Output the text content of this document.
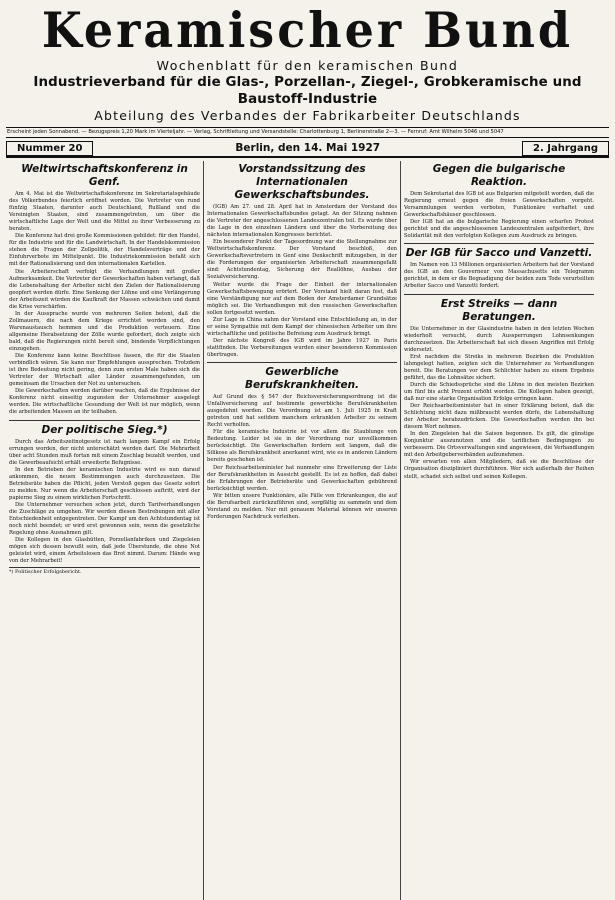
Keramischer Bund
Wochenblatt für den keramischen Bund
Industrieverband für die Glas-, Porzellan-, Ziegel-, Grobkeramische und Baustoff-Industrie
Abteilung des Verbandes der Fabrikarbeiter Deutschlands
Erscheint jeden Sonnabend. — Bezugspreis 1,20 Mark im Vierteljahr. — Verlag, Schriftleitung und Versandstelle: Charlottenburg 1, Berlinerstraße 2—3. — Fernruf: Amt Wilhelm 5046 und 5047
Nummer 20	Berlin, den 14. Mai 1927	2. Jahrgang
Weltwirtschaftskonferenz in Genf.

Am 4. Mai ist die Weltwirtschaftskonferenz im Sekretariatsgebäude des Völkerbundes feierlich eröffnet worden. Die Vertreter von rund fünfzig Staaten, darunter auch Deutschland, Rußland und die Vereinigten Staaten, sind zusammengetreten, um über die wirtschaftliche Lage der Welt und die Mittel zu ihrer Verbesserung zu beraten.

Die Konferenz hat drei große Kommissionen gebildet: für den Handel, für die Industrie und für die Landwirtschaft. In der Handelskommission stehen die Fragen der Zollpolitik, der Handelsverträge und der Einfuhrverbote im Mittelpunkt. Die Industriekommission befaßt sich mit der Rationalisierung und den internationalen Kartellen.

Die Arbeiterschaft verfolgt die Verhandlungen mit großer Aufmerksamkeit. Die Vertreter der Gewerkschaften haben verlangt, daß die Lebenshaltung der Arbeiter nicht den Zielen der Rationalisierung geopfert werden dürfe. Eine Senkung der Löhne und eine Verlängerung der Arbeitszeit würden die Kaufkraft der Massen schwächen und damit die Krise verschärfen.

In der Aussprache wurde von mehreren Seiten betont, daß die Zollmauern, die nach dem Kriege errichtet worden sind, den Warenaustausch hemmen und die Produktion verteuern. Eine allgemeine Herabsetzung der Zölle wurde gefordert, doch zeigte sich bald, daß die Regierungen nicht bereit sind, bindende Verpflichtungen einzugehen.

Die Konferenz kann keine Beschlüsse fassen, die für die Staaten verbindlich wären. Sie kann nur Empfehlungen aussprechen. Trotzdem ist ihre Bedeutung nicht gering, denn zum ersten Male haben sich die Vertreter der Wirtschaft aller Länder zusammengefunden, um gemeinsam die Ursachen der Not zu untersuchen.

Die Gewerkschaften werden darüber wachen, daß die Ergebnisse der Konferenz nicht einseitig zugunsten der Unternehmer ausgelegt werden. Die wirtschaftliche Gesundung der Welt ist nur möglich, wenn die arbeitenden Massen an ihr teilhaben.

Der politische Sieg.*)

Durch das Arbeitszeitnotgesetz ist nach langem Kampf ein Erfolg errungen worden, der nicht unterschätzt werden darf. Die Mehrarbeit über acht Stunden muß fortan mit einem Zuschlag bezahlt werden, und die Gewerbeaufsicht erhält erweiterte Befugnisse.

In den Betrieben der keramischen Industrie wird es nun darauf ankommen, die neuen Bestimmungen auch durchzusetzen. Die Betriebsräte haben die Pflicht, jeden Verstoß gegen das Gesetz sofort zu melden. Nur wenn die Arbeiterschaft geschlossen auftritt, wird der papierne Sieg zu einem wirklichen Fortschritt.

Die Unternehmer versuchen schon jetzt, durch Tarifverhandlungen die Zuschläge zu umgehen. Wir werden diesen Bestrebungen mit aller Entschiedenheit entgegentreten. Der Kampf um den Achtstundentag ist noch nicht beendet; er wird erst gewonnen sein, wenn die gesetzliche Regelung ohne Ausnahmen gilt.

Die Kollegen in den Glashütten, Porzellanfabriken und Ziegeleien mögen sich dessen bewußt sein, daß jede Überstunde, die ohne Not geleistet wird, einem Arbeitslosen das Brot nimmt. Darum: Hände weg von der Mehrarbeit!

*) Politischer Erfolgsbericht.
Vorstandssitzung des Internationalen Gewerkschaftsbundes.

(IGB) Am 27. und 28. April hat in Amsterdam der Vorstand des Internationalen Gewerkschaftsbundes getagt. An der Sitzung nahmen die Vertreter der angeschlossenen Landeszentralen teil. Es wurde über die Lage in den einzelnen Ländern und über die Vorbereitung des nächsten internationalen Kongresses berichtet.

Ein besonderer Punkt der Tagesordnung war die Stellungnahme zur Weltwirtschaftskonferenz. Der Vorstand beschloß, den Gewerkschaftsvertretern in Genf eine Denkschrift mitzugeben, in der die Forderungen der organisierten Arbeiterschaft zusammengefaßt sind: Achtstundentag, Sicherung der Reallöhne, Ausbau der Sozialversicherung.

Weiter wurde die Frage der Einheit der internationalen Gewerkschaftsbewegung erörtert. Der Vorstand hielt daran fest, daß eine Verständigung nur auf dem Boden der Amsterdamer Grundsätze möglich sei. Die Verhandlungen mit den russischen Gewerkschaften sollen fortgesetzt werden.

Zur Lage in China nahm der Vorstand eine Entschließung an, in der er seine Sympathie mit dem Kampf der chinesischen Arbeiter um ihre wirtschaftliche und politische Befreiung zum Ausdruck bringt.

Der nächste Kongreß des IGB wird im Jahre 1927 in Paris stattfinden. Die Vorbereitungen wurden einer besonderen Kommission übertragen.

Gewerbliche Berufskrankheiten.

Auf Grund des § 547 der Reichsversicherungsordnung ist die Unfallversicherung auf bestimmte gewerbliche Berufskrankheiten ausgedehnt worden. Die Verordnung ist am 1. Juli 1925 in Kraft getreten und hat seitdem manchem erkrankten Arbeiter zu seinem Recht verholfen.

Für die keramische Industrie ist vor allem die Staublunge von Bedeutung. Leider ist sie in der Verordnung nur unvollkommen berücksichtigt. Die Gewerkschaften fordern seit langem, daß die Silikose als Berufskrankheit anerkannt wird, wie es in anderen Ländern bereits geschehen ist.

Der Reichsarbeitsminister hat nunmehr eine Erweiterung der Liste der Berufskrankheiten in Aussicht gestellt. Es ist zu hoffen, daß dabei die Erfahrungen der Betriebsräte und Gewerkschaften gebührend berücksichtigt werden.

Wir bitten unsere Funktionäre, alle Fälle von Erkrankungen, die auf die Berufsarbeit zurückzuführen sind, sorgfältig zu sammeln und dem Vorstand zu melden. Nur mit genauem Material können wir unseren Forderungen Nachdruck verleihen.

Gegen die bulgarische Reaktion.

Dem Sekretariat des IGB ist aus Bulgarien mitgeteilt worden, daß die Regierung erneut gegen die freien Gewerkschaften vorgeht. Versammlungen werden verboten, Funktionäre verhaftet und Gewerkschaftshäuser geschlossen.

Der IGB hat an die bulgarische Regierung einen scharfen Protest gerichtet und die angeschlossenen Landeszentralen aufgefordert, ihre Solidarität mit den verfolgten Kollegen zum Ausdruck zu bringen.

Der IGB für Sacco und Vanzetti.

Im Namen von 13 Millionen organisierten Arbeitern hat der Vorstand des IGB an den Gouverneur von Massachusetts ein Telegramm gerichtet, in dem er die Begnadigung der beiden zum Tode verurteilten Arbeiter Sacco und Vanzetti fordert.

Erst Streiks — dann Beratungen.

Die Unternehmer in der Glasindustrie haben in den letzten Wochen wiederholt versucht, durch Aussperrungen Lohnsenkungen durchzusetzen. Die Arbeiterschaft hat sich diesen Angriffen mit Erfolg widersetzt.

Erst nachdem die Streiks in mehreren Bezirken die Produktion lahmgelegt hatten, zeigten sich die Unternehmer zu Verhandlungen bereit. Die Beratungen vor dem Schlichter haben zu einem Ergebnis geführt, das die Lohnsätze sichert.

Durch die Schiedssprüche sind die Löhne in den meisten Bezirken um fünf bis acht Prozent erhöht worden. Die Kollegen haben gezeigt, daß nur eine starke Organisation Erfolge erringen kann.

Der Reichsarbeitsminister hat in einer Erklärung betont, daß die Schlichtung nicht dazu mißbraucht werden dürfe, die Lebenshaltung der Arbeiter herabzudrücken. Die Gewerkschaften werden ihn bei diesem Wort nehmen.

In den Ziegeleien hat die Saison begonnen. Es gilt, die günstige Konjunktur auszunutzen und die tariflichen Bedingungen zu verbessern. Die Ortsverwaltungen sind angewiesen, die Verhandlungen mit den Arbeitgeberverbänden aufzunehmen.

Wir erwarten von allen Mitgliedern, daß sie die Beschlüsse der Organisation diszipliniert durchführen. Wer sich außerhalb der Reihen stellt, schadet sich selbst und seinen Kollegen.
